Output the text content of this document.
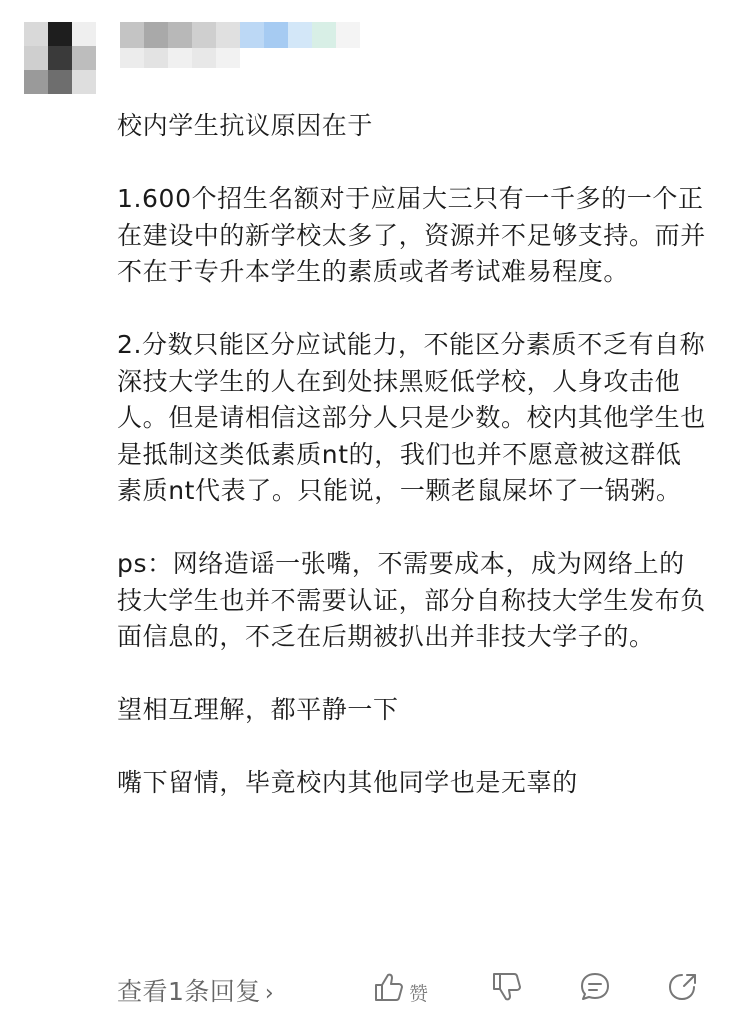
校内学生抗议原因在于

1.600个招生名额对于应届大三只有一千多的一个正在建设中的新学校太多了，资源并不足够支持。而并不在于专升本学生的素质或者考试难易程度。

2.分数只能区分应试能力，不能区分素质不乏有自称深技大学生的人在到处抹黑贬低学校，人身攻击他人。但是请相信这部分人只是少数。校内其他学生也是抵制这类低素质nt的，我们也并不愿意被这群低素质nt代表了。只能说，一颗老鼠屎坏了一锅粥。

ps：网络造谣一张嘴，不需要成本，成为网络上的技大学生也并不需要认证，部分自称技大学生发布负面信息的，不乏在后期被扒出并非技大学子的。

望相互理解，都平静一下

嘴下留情，毕竟校内其他同学也是无辜的

查看1条回复 ›	赞
